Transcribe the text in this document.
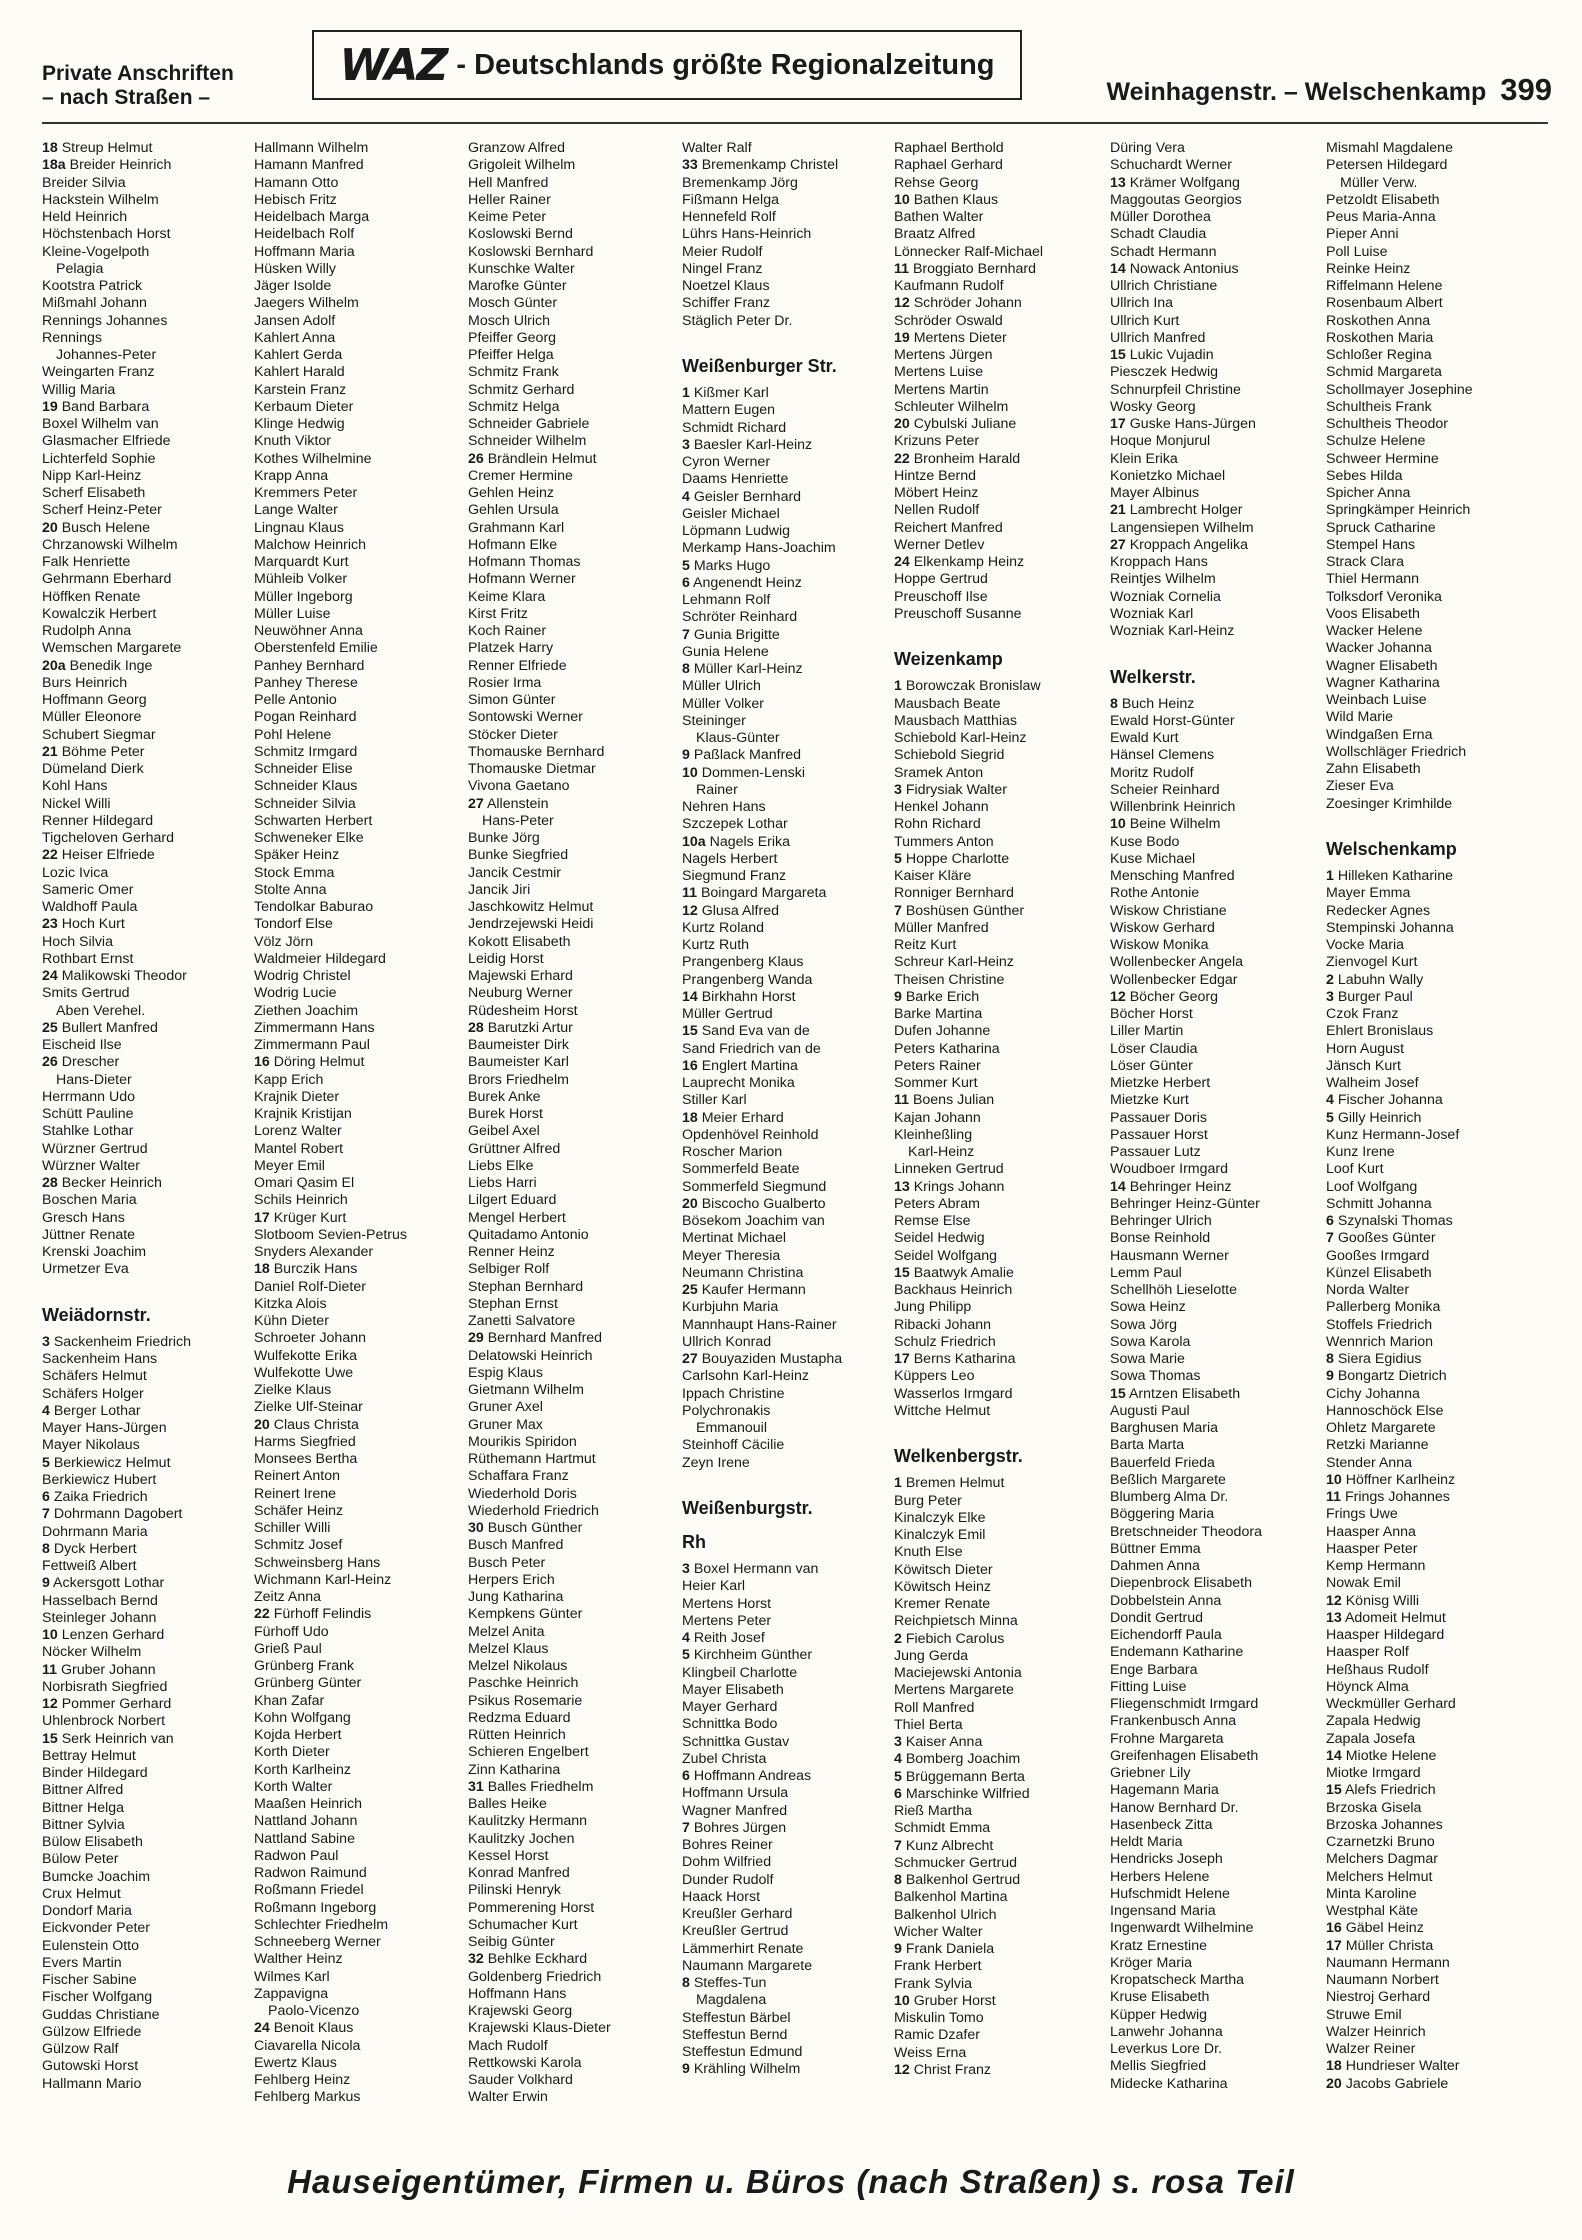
Private Anschriften
– nach Straßen –
WAZ - Deutschlands größte Regionalzeitung
Weinhagenstr. – Welschenkamp 399
18 Streup Helmut
18a Breider Heinrich
Breider Silvia
Hackstein Wilhelm
Held Heinrich
Höchstenbach Horst
Kleine-Vogelpoth
Pelagia
Kootstra Patrick
Mißmahl Johann
Rennings Johannes
Rennings
Johannes-Peter
Weingarten Franz
Willig Maria
19 Band Barbara
Boxel Wilhelm van
Glasmacher Elfriede
Lichterfeld Sophie
Nipp Karl-Heinz
Scherf Elisabeth
Scherf Heinz-Peter
20 Busch Helene
Chrzanowski Wilhelm
Falk Henriette
Gehrmann Eberhard
Höffken Renate
Kowalczik Herbert
Rudolph Anna
Wemschen Margarete
20a Benedik Inge
Burs Heinrich
Hoffmann Georg
Müller Eleonore
Schubert Siegmar
21 Böhme Peter
Dümeland Dierk
Kohl Hans
Nickel Willi
Renner Hildegard
Tigcheloven Gerhard
22 Heiser Elfriede
Lozic Ivica
Sameric Omer
Waldhoff Paula
23 Hoch Kurt
Hoch Silvia
Rothbart Ernst
24 Malikowski Theodor
Smits Gertrud
Aben Verehel.
25 Bullert Manfred
Eischeid Ilse
26 Drescher
Hans-Dieter
Herrmann Udo
Schütt Pauline
Stahlke Lothar
Würzner Gertrud
Würzner Walter
28 Becker Heinrich
Boschen Maria
Gresch Hans
Jüttner Renate
Krenski Joachim
Urmetzer Eva
Weiädornstr.
3 Sackenheim Friedrich
Sackenheim Hans
Schäfers Helmut
Schäfers Holger
4 Berger Lothar
Mayer Hans-Jürgen
Mayer Nikolaus
5 Berkiewicz Helmut
Berkiewicz Hubert
6 Zaika Friedrich
7 Dohrmann Dagobert
Dohrmann Maria
8 Dyck Herbert
Fettweiß Albert
9 Ackersgott Lothar
Hasselbach Bernd
Steinleger Johann
10 Lenzen Gerhard
Nöcker Wilhelm
11 Gruber Johann
Norbisrath Siegfried
12 Pommer Gerhard
Uhlenbrock Norbert
15 Serk Heinrich van
Bettray Helmut
Binder Hildegard
Bittner Alfred
Bittner Helga
Bittner Sylvia
Bülow Elisabeth
Bülow Peter
Bumcke Joachim
Crux Helmut
Dondorf Maria
Eickvonder Peter
Eulenstein Otto
Evers Martin
Fischer Sabine
Fischer Wolfgang
Guddas Christiane
Gülzow Elfriede
Gülzow Ralf
Gutowski Horst
Hallmann Mario
Hallmann Wilhelm
Hamann Manfred
Hamann Otto
Hebisch Fritz
Heidelbach Marga
Heidelbach Rolf
Hoffmann Maria
Hüsken Willy
Jäger Isolde
Jaegers Wilhelm
Jansen Adolf
Kahlert Anna
Kahlert Gerda
Kahlert Harald
Karstein Franz
Kerbaum Dieter
Klinge Hedwig
Knuth Viktor
Kothes Wilhelmine
Krapp Anna
Kremmers Peter
Lange Walter
Lingnau Klaus
Malchow Heinrich
Marquardt Kurt
Mühleib Volker
Müller Ingeborg
Müller Luise
Neuwöhner Anna
Oberstenfeld Emilie
Panhey Bernhard
Panhey Therese
Pelle Antonio
Pogan Reinhard
Pohl Helene
Schmitz Irmgard
Schneider Elise
Schneider Klaus
Schneider Silvia
Schwarten Herbert
Schweneker Elke
Späker Heinz
Stock Emma
Stolte Anna
Tendolkar Baburao
Tondorf Else
Völz Jörn
Waldmeier Hildegard
Wodrig Christel
Wodrig Lucie
Ziethen Joachim
Zimmermann Hans
Zimmermann Paul
16 Döring Helmut
Kapp Erich
Krajnik Dieter
Krajnik Kristijan
Lorenz Walter
Mantel Robert
Meyer Emil
Omari Qasim El
Schils Heinrich
17 Krüger Kurt
Slotboom Sevien-Petrus
Snyders Alexander
18 Burczik Hans
Daniel Rolf-Dieter
Kitzka Alois
Kühn Dieter
Schroeter Johann
Wulfekotte Erika
Wulfekotte Uwe
Zielke Klaus
Zielke Ulf-Steinar
20 Claus Christa
Harms Siegfried
Monsees Bertha
Reinert Anton
Reinert Irene
Schäfer Heinz
Schiller Willi
Schmitz Josef
Schweinsberg Hans
Wichmann Karl-Heinz
Zeitz Anna
22 Fürhoff Felindis
Fürhoff Udo
Grieß Paul
Grünberg Frank
Grünberg Günter
Khan Zafar
Kohn Wolfgang
Kojda Herbert
Korth Dieter
Korth Karlheinz
Korth Walter
Maaßen Heinrich
Nattland Johann
Nattland Sabine
Radwon Paul
Radwon Raimund
Roßmann Friedel
Roßmann Ingeborg
Schlechter Friedhelm
Schneeberg Werner
Walther Heinz
Wilmes Karl
Zappavigna
Paolo-Vicenzo
24 Benoit Klaus
Ciavarella Nicola
Ewertz Klaus
Fehlberg Heinz
Fehlberg Markus
Granzow Alfred
Grigoleit Wilhelm
Hell Manfred
Heller Rainer
Keime Peter
Koslowski Bernd
Koslowski Bernhard
Kunschke Walter
Marofke Günter
Mosch Günter
Mosch Ulrich
Pfeiffer Georg
Pfeiffer Helga
Schmitz Frank
Schmitz Gerhard
Schmitz Helga
Schneider Gabriele
Schneider Wilhelm
26 Brändlein Helmut
Cremer Hermine
Gehlen Heinz
Gehlen Ursula
Grahmann Karl
Hofmann Elke
Hofmann Thomas
Hofmann Werner
Keime Klara
Kirst Fritz
Koch Rainer
Platzek Harry
Renner Elfriede
Rosier Irma
Simon Günter
Sontowski Werner
Stöcker Dieter
Thomauske Bernhard
Thomauske Dietmar
Vivona Gaetano
27 Allenstein
Hans-Peter
Bunke Jörg
Bunke Siegfried
Jancik Cestmir
Jancik Jiri
Jaschkowitz Helmut
Jendrzejewski Heidi
Kokott Elisabeth
Leidig Horst
Majewski Erhard
Neuburg Werner
Rüdesheim Horst
28 Barutzki Artur
Baumeister Dirk
Baumeister Karl
Brors Friedhelm
Burek Anke
Burek Horst
Geibel Axel
Grüttner Alfred
Liebs Elke
Liebs Harri
Lilgert Eduard
Mengel Herbert
Quitadamo Antonio
Renner Heinz
Selbiger Rolf
Stephan Bernhard
Stephan Ernst
Zanetti Salvatore
29 Bernhard Manfred
Delatowski Heinrich
Espig Klaus
Gietmann Wilhelm
Gruner Axel
Gruner Max
Mourikis Spiridon
Rüthemann Hartmut
Schaffara Franz
Wiederhold Doris
Wiederhold Friedrich
30 Busch Günther
Busch Manfred
Busch Peter
Herpers Erich
Jung Katharina
Kempkens Günter
Melzel Anita
Melzel Klaus
Melzel Nikolaus
Paschke Heinrich
Psikus Rosemarie
Redzma Eduard
Rütten Heinrich
Schieren Engelbert
Zinn Katharina
31 Balles Friedhelm
Balles Heike
Kaulitzky Hermann
Kaulitzky Jochen
Kessel Horst
Konrad Manfred
Pilinski Henryk
Pommerening Horst
Schumacher Kurt
Seibig Günter
32 Behlke Eckhard
Goldenberg Friedrich
Hoffmann Hans
Krajewski Georg
Krajewski Klaus-Dieter
Mach Rudolf
Rettkowski Karola
Sauder Volkhard
Walter Erwin
Walter Ralf
33 Bremenkamp Christel
Bremenkamp Jörg
Fißmann Helga
Hennefeld Rolf
Lührs Hans-Heinrich
Meier Rudolf
Ningel Franz
Noetzel Klaus
Schiffer Franz
Stäglich Peter Dr.
Weißenburger Str.
1 Kißmer Karl
Mattern Eugen
Schmidt Richard
3 Baesler Karl-Heinz
Cyron Werner
Daams Henriette
4 Geisler Bernhard
Geisler Michael
Löpmann Ludwig
Merkamp Hans-Joachim
5 Marks Hugo
6 Angenendt Heinz
Lehmann Rolf
Schröter Reinhard
7 Gunia Brigitte
Gunia Helene
8 Müller Karl-Heinz
Müller Ulrich
Müller Volker
Steininger
Klaus-Günter
9 Paßlack Manfred
10 Dommen-Lenski
Rainer
Nehren Hans
Szczepek Lothar
10a Nagels Erika
Nagels Herbert
Siegmund Franz
11 Boingard Margareta
12 Glusa Alfred
Kurtz Roland
Kurtz Ruth
Prangenberg Klaus
Prangenberg Wanda
14 Birkhahn Horst
Müller Gertrud
15 Sand Eva van de
Sand Friedrich van de
16 Englert Martina
Lauprecht Monika
Stiller Karl
18 Meier Erhard
Opdenhövel Reinhold
Roscher Marion
Sommerfeld Beate
Sommerfeld Siegmund
20 Biscocho Gualberto
Bösekom Joachim van
Mertinat Michael
Meyer Theresia
Neumann Christina
25 Kaufer Hermann
Kurbjuhn Maria
Mannhaupt Hans-Rainer
Ullrich Konrad
27 Bouyaziden Mustapha
Carlsohn Karl-Heinz
Ippach Christine
Polychronakis
Emmanouil
Steinhoff Cäcilie
Zeyn Irene
Weißenburgstr.
Rh
3 Boxel Hermann van
Heier Karl
Mertens Horst
Mertens Peter
4 Reith Josef
5 Kirchheim Günther
Klingbeil Charlotte
Mayer Elisabeth
Mayer Gerhard
Schnittka Bodo
Schnittka Gustav
Zubel Christa
6 Hoffmann Andreas
Hoffmann Ursula
Wagner Manfred
7 Bohres Jürgen
Bohres Reiner
Dohm Wilfried
Dunder Rudolf
Haack Horst
Kreußler Gerhard
Kreußler Gertrud
Lämmerhirt Renate
Naumann Margarete
8 Steffes-Tun
Magdalena
Steffestun Bärbel
Steffestun Bernd
Steffestun Edmund
9 Krähling Wilhelm
Raphael Berthold
Raphael Gerhard
Rehse Georg
10 Bathen Klaus
Bathen Walter
Braatz Alfred
Lönnecker Ralf-Michael
11 Broggiato Bernhard
Kaufmann Rudolf
12 Schröder Johann
Schröder Oswald
19 Mertens Dieter
Mertens Jürgen
Mertens Luise
Mertens Martin
Schleuter Wilhelm
20 Cybulski Juliane
Krizuns Peter
22 Bronheim Harald
Hintze Bernd
Möbert Heinz
Nellen Rudolf
Reichert Manfred
Werner Detlev
24 Elkenkamp Heinz
Hoppe Gertrud
Preuschoff Ilse
Preuschoff Susanne
Weizenkamp
1 Borowczak Bronislaw
Mausbach Beate
Mausbach Matthias
Schiebold Karl-Heinz
Schiebold Siegrid
Sramek Anton
3 Fidrysiak Walter
Henkel Johann
Rohn Richard
Tummers Anton
5 Hoppe Charlotte
Kaiser Kläre
Ronniger Bernhard
7 Boshüsen Günther
Müller Manfred
Reitz Kurt
Schreur Karl-Heinz
Theisen Christine
9 Barke Erich
Barke Martina
Dufen Johanne
Peters Katharina
Peters Rainer
Sommer Kurt
11 Boens Julian
Kajan Johann
Kleinheßling
Karl-Heinz
Linneken Gertrud
13 Krings Johann
Peters Abram
Remse Else
Seidel Hedwig
Seidel Wolfgang
15 Baatwyk Amalie
Backhaus Heinrich
Jung Philipp
Ribacki Johann
Schulz Friedrich
17 Berns Katharina
Küppers Leo
Wasserlos Irmgard
Wittche Helmut
Welkenbergstr.
1 Bremen Helmut
Burg Peter
Kinalczyk Elke
Kinalczyk Emil
Knuth Else
Köwitsch Dieter
Köwitsch Heinz
Kremer Renate
Reichpietsch Minna
2 Fiebich Carolus
Jung Gerda
Maciejewski Antonia
Mertens Margarete
Roll Manfred
Thiel Berta
3 Kaiser Anna
4 Bomberg Joachim
5 Brüggemann Berta
6 Marschinke Wilfried
Rieß Martha
Schmidt Emma
7 Kunz Albrecht
Schmucker Gertrud
8 Balkenhol Gertrud
Balkenhol Martina
Balkenhol Ulrich
Wicher Walter
9 Frank Daniela
Frank Herbert
Frank Sylvia
10 Gruber Horst
Miskulin Tomo
Ramic Dzafer
Weiss Erna
12 Christ Franz
Düring Vera
Schuchardt Werner
13 Krämer Wolfgang
Maggoutas Georgios
Müller Dorothea
Schadt Claudia
Schadt Hermann
14 Nowack Antonius
Ullrich Christiane
Ullrich Ina
Ullrich Kurt
Ullrich Manfred
15 Lukic Vujadin
Piesczek Hedwig
Schnurpfeil Christine
Wosky Georg
17 Guske Hans-Jürgen
Hoque Monjurul
Klein Erika
Konietzko Michael
Mayer Albinus
21 Lambrecht Holger
Langensiepen Wilhelm
27 Kroppach Angelika
Kroppach Hans
Reintjes Wilhelm
Wozniak Cornelia
Wozniak Karl
Wozniak Karl-Heinz
Welkerstr.
8 Buch Heinz
Ewald Horst-Günter
Ewald Kurt
Hänsel Clemens
Moritz Rudolf
Scheier Reinhard
Willenbrink Heinrich
10 Beine Wilhelm
Kuse Bodo
Kuse Michael
Mensching Manfred
Rothe Antonie
Wiskow Christiane
Wiskow Gerhard
Wiskow Monika
Wollenbecker Angela
Wollenbecker Edgar
12 Böcher Georg
Böcher Horst
Liller Martin
Löser Claudia
Löser Günter
Mietzke Herbert
Mietzke Kurt
Passauer Doris
Passauer Horst
Passauer Lutz
Woudboer Irmgard
14 Behringer Heinz
Behringer Heinz-Günter
Behringer Ulrich
Bonse Reinhold
Hausmann Werner
Lemm Paul
Schellhöh Lieselotte
Sowa Heinz
Sowa Jörg
Sowa Karola
Sowa Marie
Sowa Thomas
15 Arntzen Elisabeth
Augusti Paul
Barghusen Maria
Barta Marta
Bauerfeld Frieda
Beßlich Margarete
Blumberg Alma Dr.
Böggering Maria
Bretschneider Theodora
Büttner Emma
Dahmen Anna
Diepenbrock Elisabeth
Dobbelstein Anna
Dondit Gertrud
Eichendorff Paula
Endemann Katharine
Enge Barbara
Fitting Luise
Fliegenschmidt Irmgard
Frankenbusch Anna
Frohne Margareta
Greifenhagen Elisabeth
Griebner Lily
Hagemann Maria
Hanow Bernhard Dr.
Hasenbeck Zitta
Heldt Maria
Hendricks Joseph
Herbers Helene
Hufschmidt Helene
Ingensand Maria
Ingenwardt Wilhelmine
Kratz Ernestine
Kröger Maria
Kropatscheck Martha
Kruse Elisabeth
Küpper Hedwig
Lanwehr Johanna
Leverkus Lore Dr.
Mellis Siegfried
Midecke Katharina
Mismahl Magdalene
Petersen Hildegard
Müller Verw.
Petzoldt Elisabeth
Peus Maria-Anna
Pieper Anni
Poll Luise
Reinke Heinz
Riffelmann Helene
Rosenbaum Albert
Roskothen Anna
Roskothen Maria
Schloßer Regina
Schmid Margareta
Schollmayer Josephine
Schultheis Frank
Schultheis Theodor
Schulze Helene
Schweer Hermine
Sebes Hilda
Spicher Anna
Springkämper Heinrich
Spruck Catharine
Stempel Hans
Strack Clara
Thiel Hermann
Tolksdorf Veronika
Voos Elisabeth
Wacker Helene
Wacker Johanna
Wagner Elisabeth
Wagner Katharina
Weinbach Luise
Wild Marie
Windgaßen Erna
Wollschläger Friedrich
Zahn Elisabeth
Zieser Eva
Zoesinger Krimhilde
Welschenkamp
1 Hilleken Katharine
Mayer Emma
Redecker Agnes
Stempinski Johanna
Vocke Maria
Zienvogel Kurt
2 Labuhn Wally
3 Burger Paul
Czok Franz
Ehlert Bronislaus
Horn August
Jänsch Kurt
Walheim Josef
4 Fischer Johanna
5 Gilly Heinrich
Kunz Hermann-Josef
Kunz Irene
Loof Kurt
Loof Wolfgang
Schmitt Johanna
6 Szynalski Thomas
7 Gooßes Günter
Gooßes Irmgard
Künzel Elisabeth
Norda Walter
Pallerberg Monika
Stoffels Friedrich
Wennrich Marion
8 Siera Egidius
9 Bongartz Dietrich
Cichy Johanna
Hannoschöck Else
Ohletz Margarete
Retzki Marianne
Stender Anna
10 Höffner Karlheinz
11 Frings Johannes
Frings Uwe
Haasper Anna
Haasper Peter
Kemp Hermann
Nowak Emil
12 Könisg Willi
13 Adomeit Helmut
Haasper Hildegard
Haasper Rolf
Heßhaus Rudolf
Höynck Alma
Weckmüller Gerhard
Zapala Hedwig
Zapala Josefa
14 Miotke Helene
Miotke Irmgard
15 Alefs Friedrich
Brzoska Gisela
Brzoska Johannes
Czarnetzki Bruno
Melchers Dagmar
Melchers Helmut
Minta Karoline
Westphal Käte
16 Gäbel Heinz
17 Müller Christa
Naumann Hermann
Naumann Norbert
Niestroj Gerhard
Struwe Emil
Walzer Heinrich
Walzer Reiner
18 Hundrieser Walter
20 Jacobs Gabriele
Hauseigentümer, Firmen u. Büros (nach Straßen) s. rosa Teil
